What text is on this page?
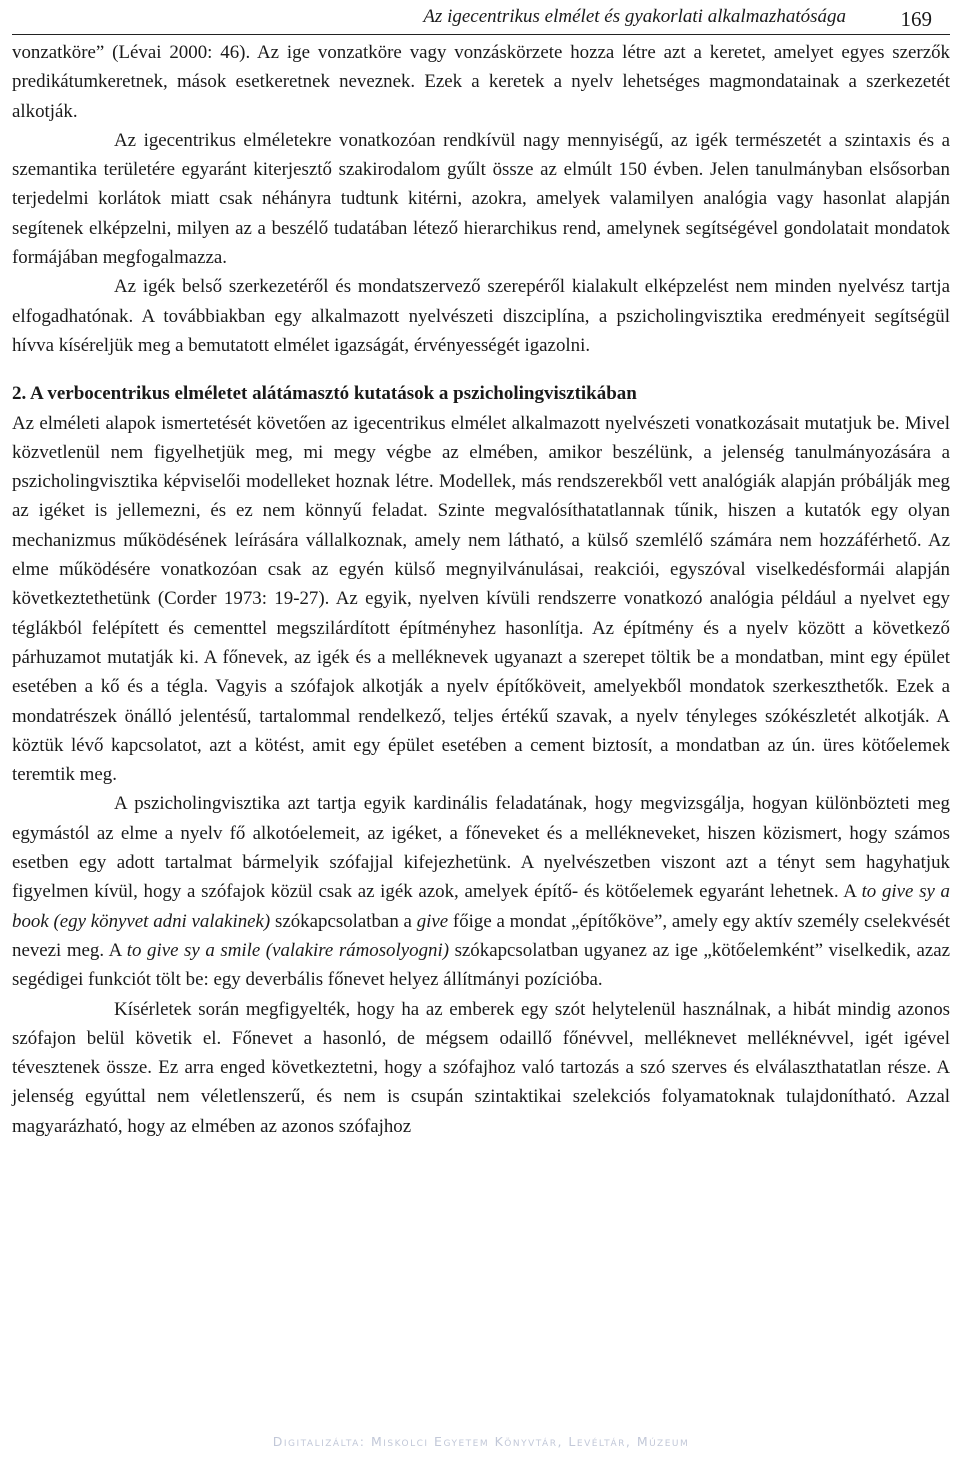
Az igecentrikus elmélet és gyakorlati alkalmazhatósága	169

vonzatköre” (Lévai 2000: 46). Az ige vonzatköre vagy vonzáskörzete hozza létre azt a keretet, amelyet egyes szerzők predikátumkeretnek, mások esetkeretnek neveznek. Ezek a keretek a nyelv lehetséges magmondatainak a szerkezetét alkotják.

Az igecentrikus elméletekre vonatkozóan rendkívül nagy mennyiségű, az igék természetét a szintaxis és a szemantika területére egyaránt kiterjesztő szakirodalom gyűlt össze az elmúlt 150 évben. Jelen tanulmányban elsősorban terjedelmi korlátok miatt csak néhányra tudtunk kitérni, azokra, amelyek valamilyen analógia vagy hasonlat alapján segítenek elképzelni, milyen az a beszélő tudatában létező hierarchikus rend, amelynek segítségével gondolatait mondatok formájában megfogalmazza.

Az igék belső szerkezetéről és mondatszervező szerepéről kialakult elképzelést nem minden nyelvész tartja elfogadhatónak. A továbbiakban egy alkalmazott nyelvészeti diszciplína, a pszicholingvisztika eredményeit segítségül hívva kíséreljük meg a bemutatott elmélet igazságát, érvényességét igazolni.

2. A verbocentrikus elméletet alátámasztó kutatások a pszicholingvisztikában

Az elméleti alapok ismertetését követően az igecentrikus elmélet alkalmazott nyelvészeti vonatkozásait mutatjuk be. Mivel közvetlenül nem figyelhetjük meg, mi megy végbe az elmében, amikor beszélünk, a jelenség tanulmányozására a pszicholingvisztika képviselői modelleket hoznak létre. Modellek, más rendszerekből vett analógiák alapján próbálják meg az igéket is jellemezni, és ez nem könnyű feladat. Szinte megvalósíthatatlannak tűnik, hiszen a kutatók egy olyan mechanizmus működésének leírására vállalkoznak, amely nem látható, a külső szemlélő számára nem hozzáférhető. Az elme működésére vonatkozóan csak az egyén külső megnyilvánulásai, reakciói, egyszóval viselkedésformái alapján következtethetünk (Corder 1973: 19-27). Az egyik, nyelven kívüli rendszerre vonatkozó analógia például a nyelvet egy téglákból felépített és cementtel megszilárdított építményhez hasonlítja. Az építmény és a nyelv között a következő párhuzamot mutatják ki. A főnevek, az igék és a melléknevek ugyanazt a szerepet töltik be a mondatban, mint egy épület esetében a kő és a tégla. Vagyis a szófajok alkotják a nyelv építőköveit, amelyekből mondatok szerkeszthetők. Ezek a mondatrészek önálló jelentésű, tartalommal rendelkező, teljes értékű szavak, a nyelv tényleges szókészletét alkotják. A köztük lévő kapcsolatot, azt a kötést, amit egy épület esetében a cement biztosít, a mondatban az ún. üres kötőelemek teremtik meg.

A pszicholingvisztika azt tartja egyik kardinális feladatának, hogy megvizsgálja, hogyan különbözteti meg egymástól az elme a nyelv fő alkotóelemeit, az igéket, a főneveket és a mellékneveket, hiszen közismert, hogy számos esetben egy adott tartalmat bármelyik szófajjal kifejezhetünk. A nyelvészetben viszont azt a tényt sem hagyhatjuk figyelmen kívül, hogy a szófajok közül csak az igék azok, amelyek építő- és kötőelemek egyaránt lehetnek. A to give sy a book (egy könyvet adni valakinek) szókapcsolatban a give főige a mondat „építőköve”, amely egy aktív személy cselekvését nevezi meg. A to give sy a smile (valakire rámosolyogni) szókapcsolatban ugyanez az ige „kötőelemként” viselkedik, azaz segédigei funkciót tölt be: egy deverbális főnevet helyez állítmányi pozícióba.

Kísérletek során megfigyelték, hogy ha az emberek egy szót helytelenül használnak, a hibát mindig azonos szófajon belül követik el. Főnevet a hasonló, de mégsem odaillő főnévvel, melléknevet melléknévvel, igét igével tévesztenek össze. Ez arra enged következtetni, hogy a szófajhoz való tartozás a szó szerves és elválaszthatatlan része. A jelenség egyúttal nem véletlenszerű, és nem is csupán szintaktikai szelekciós folyamatoknak tulajdonítható. Azzal magyarázható, hogy az elmében az azonos szófajhoz

Digitalizálta: Miskolci Egyetem Könyvtár, Levéltár, Múzeum
